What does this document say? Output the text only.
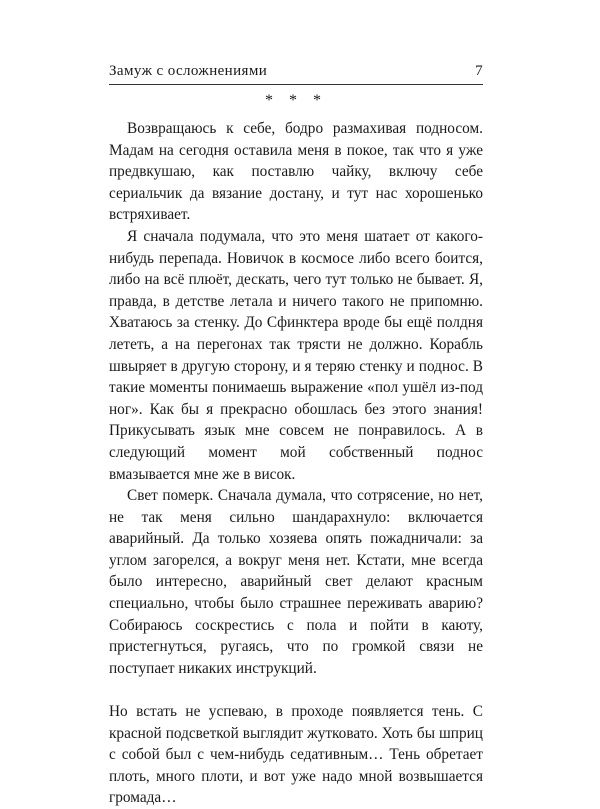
Замуж с осложнениями	7
* * *

Возвращаюсь к себе, бодро размахивая подносом. Мадам на сегодня оставила меня в покое, так что я уже предвкушаю, как поставлю чайку, включу себе сериальчик да вязание достану, и тут нас хорошенько встряхивает.

Я сначала подумала, что это меня шатает от какого-нибудь перепада. Новичок в космосе либо всего боится, либо на всё плюёт, дескать, чего тут только не бывает. Я, правда, в детстве летала и ничего такого не припомню. Хватаюсь за стенку. До Сфинктера вроде бы ещё полдня лететь, а на перегонах так трясти не должно. Корабль швыряет в другую сторону, и я теряю стенку и поднос. В такие моменты понимаешь выражение «пол ушёл из-под ног». Как бы я прекрасно обошлась без этого знания! Прикусывать язык мне совсем не понравилось. А в следующий момент мой собственный поднос вмазывается мне же в висок.

Свет померк. Сначала думала, что сотрясение, но нет, не так меня сильно шандарахнуло: включается аварийный. Да только хозяева опять пожадничали: за углом загорелся, а вокруг меня нет. Кстати, мне всегда было интересно, аварийный свет делают красным специально, чтобы было страшнее переживать аварию? Собираюсь соскрестись с пола и пойти в каюту, пристегнуться, ругаясь, что по громкой связи не поступает никаких инструкций.

Но встать не успеваю, в проходе появляется тень. С красной подсветкой выглядит жутковато. Хоть бы шприц с собой был с чем-нибудь седативным… Тень обретает плоть, много плоти, и вот уже надо мной возвышается громада…
